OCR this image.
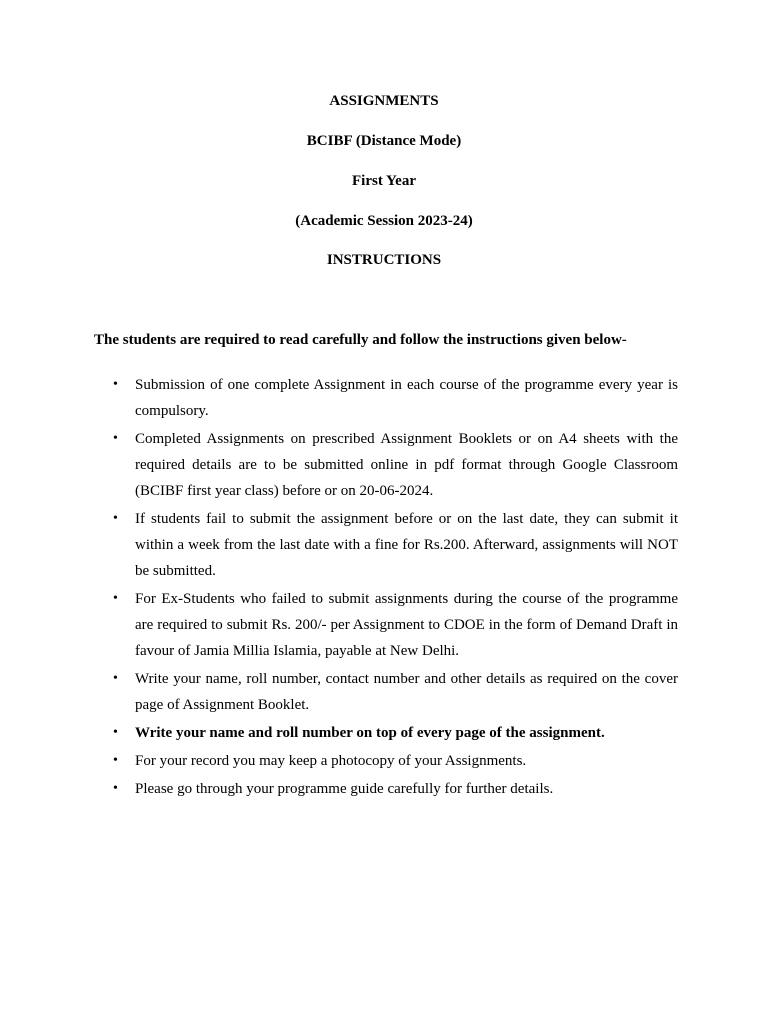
ASSIGNMENTS

BCIBF (Distance Mode)

First Year

(Academic Session 2023-24)

INSTRUCTIONS

The students are required to read carefully and follow the instructions given below-

• Submission of one complete Assignment in each course of the programme every year is compulsory.
• Completed Assignments on prescribed Assignment Booklets or on A4 sheets with the required details are to be submitted online in pdf format through Google Classroom (BCIBF first year class) before or on 20-06-2024.
• If students fail to submit the assignment before or on the last date, they can submit it within a week from the last date with a fine for Rs.200. Afterward, assignments will NOT be submitted.
• For Ex-Students who failed to submit assignments during the course of the programme are required to submit Rs. 200/- per Assignment to CDOE in the form of Demand Draft in favour of Jamia Millia Islamia, payable at New Delhi.
• Write your name, roll number, contact number and other details as required on the cover page of Assignment Booklet.
• Write your name and roll number on top of every page of the assignment.
• For your record you may keep a photocopy of your Assignments.
• Please go through your programme guide carefully for further details.
